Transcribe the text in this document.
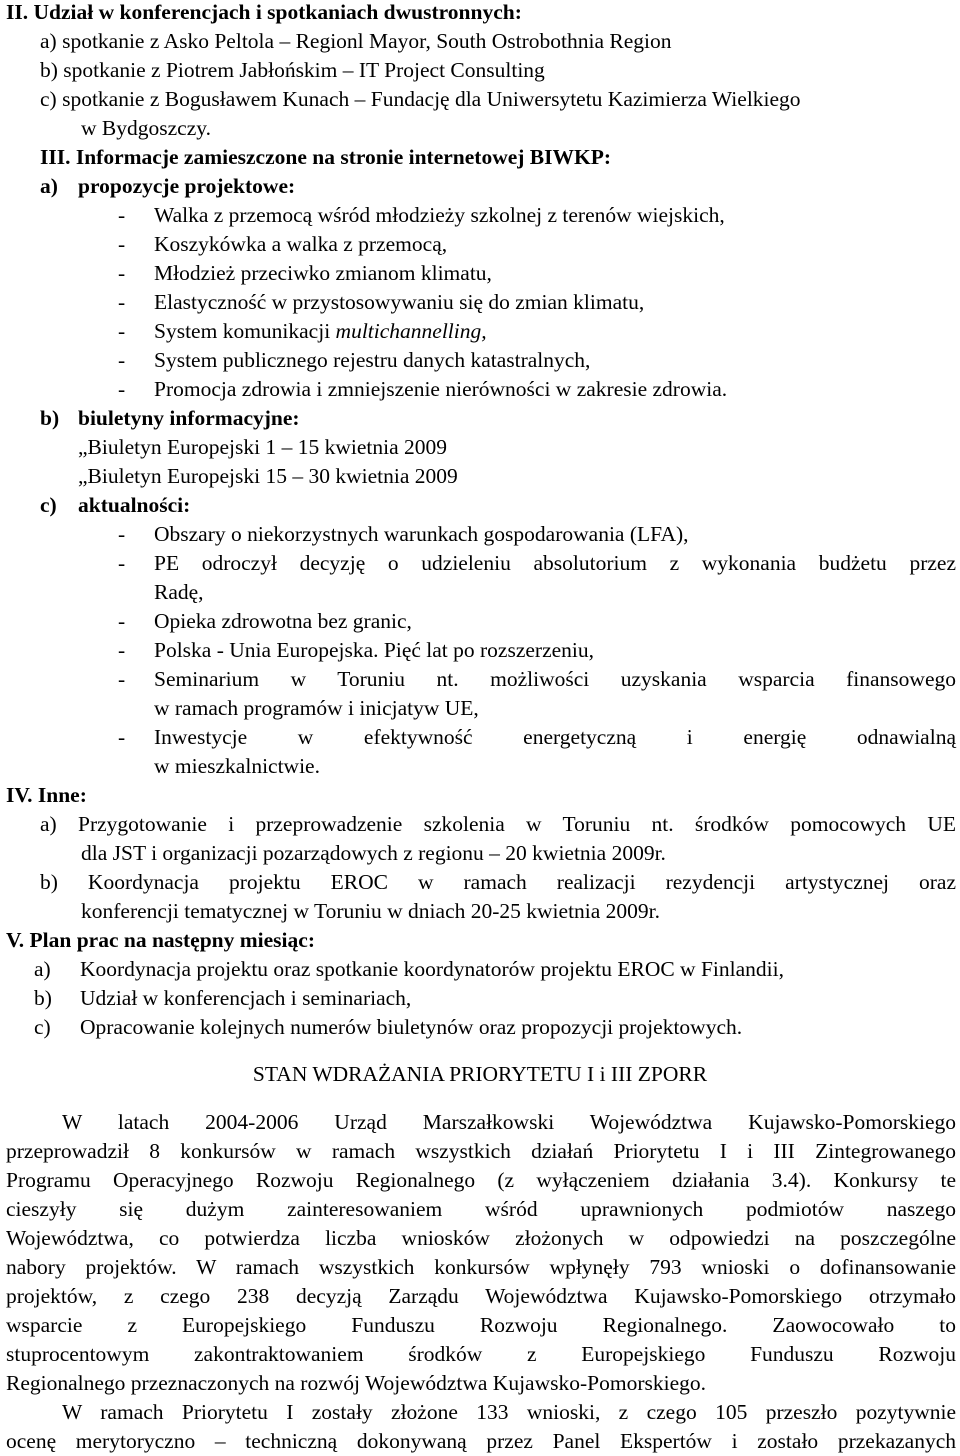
II. Udział w konferencjach i spotkaniach dwustronnych:
a) spotkanie z Asko Peltola – Regionl Mayor, South Ostrobothnia Region
b) spotkanie z Piotrem Jabłońskim – IT Project Consulting
c) spotkanie z Bogusławem Kunach – Fundację dla Uniwersytetu Kazimierza Wielkiego
w Bydgoszczy.
III. Informacje zamieszczone na stronie internetowej BIWKP:
a) propozycje projektowe:
- Walka z przemocą wśród młodzieży szkolnej z terenów wiejskich,
- Koszykówka a walka z przemocą,
- Młodzież przeciwko zmianom klimatu,
- Elastyczność w przystosowywaniu się do zmian klimatu,
- System komunikacji multichannelling,
- System publicznego rejestru danych katastralnych,
- Promocja zdrowia i zmniejszenie nierówności w zakresie zdrowia.
b) biuletyny informacyjne:
„Biuletyn Europejski 1 – 15 kwietnia 2009
„Biuletyn Europejski 15 – 30 kwietnia 2009
c) aktualności:
- Obszary o niekorzystnych warunkach gospodarowania (LFA),
- PE odroczył decyzję o udzieleniu absolutorium z wykonania budżetu przez
Radę,
- Opieka zdrowotna bez granic,
- Polska - Unia Europejska. Pięć lat po rozszerzeniu,
- Seminarium w Toruniu nt. możliwości uzyskania wsparcia finansowego
w ramach programów i inicjatyw UE,
- Inwestycje w efektywność energetyczną i energię odnawialną
w mieszkalnictwie.
IV. Inne:
a) Przygotowanie i przeprowadzenie szkolenia w Toruniu nt. środków pomocowych UE
dla JST i organizacji pozarządowych z regionu – 20 kwietnia 2009r.
b) Koordynacja projektu EROC w ramach realizacji rezydencji artystycznej oraz
konferencji tematycznej w Toruniu w dniach 20-25 kwietnia 2009r.
V. Plan prac na następny miesiąc:
a) Koordynacja projektu oraz spotkanie koordynatorów projektu EROC w Finlandii,
b) Udział w konferencjach i seminariach,
c) Opracowanie kolejnych numerów biuletynów oraz propozycji projektowych.
STAN WDRAŻANIA PRIORYTETU I i III ZPORR
W latach 2004-2006 Urząd Marszałkowski Województwa Kujawsko-Pomorskiego
przeprowadził 8 konkursów w ramach wszystkich działań Priorytetu I i III Zintegrowanego
Programu Operacyjnego Rozwoju Regionalnego (z wyłączeniem działania 3.4). Konkursy te
cieszyły się dużym zainteresowaniem wśród uprawnionych podmiotów naszego
Województwa, co potwierdza liczba wniosków złożonych w odpowiedzi na poszczególne
nabory projektów. W ramach wszystkich konkursów wpłynęły 793 wnioski o dofinansowanie
projektów, z czego 238 decyzją Zarządu Województwa Kujawsko-Pomorskiego otrzymało
wsparcie z Europejskiego Funduszu Rozwoju Regionalnego. Zaowocowało to
stuprocentowym zakontraktowaniem środków z Europejskiego Funduszu Rozwoju
Regionalnego przeznaczonych na rozwój Województwa Kujawsko-Pomorskiego.
W ramach Priorytetu I zostały złożone 133 wnioski, z czego 105 przeszło pozytywnie
ocenę merytoryczno – techniczną dokonywaną przez Panel Ekspertów i zostało przekazanych
